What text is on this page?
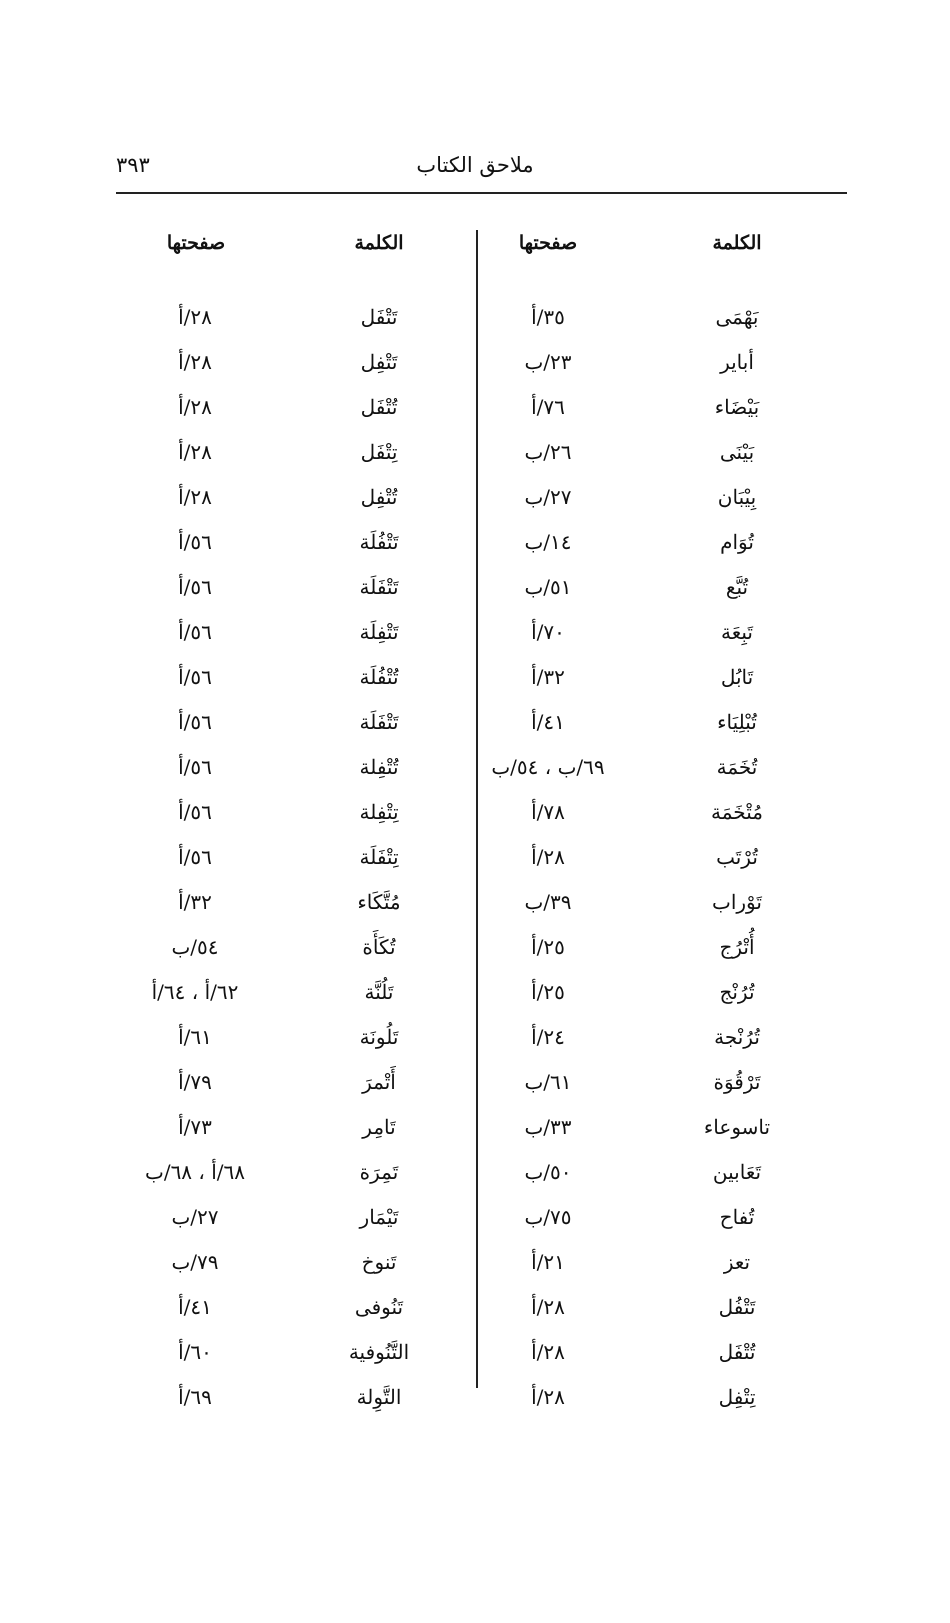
٣٩٣	ملاحق الكتاب
الكلمة
صفحتها
الكلمة
صفحتها
بَهْمَى
٣٥/أ
تَتْفَل
٢٨/أ
أباير
٢٣/ب
تَتْفِل
٢٨/أ
بَيْضَاء
٧٦/أ
تُتْفَل
٢٨/أ
بَيْنَى
٢٦/ب
تِتْفَل
٢٨/أ
بِيْبَان
٢٧/ب
تُتْفِل
٢٨/أ
تُوَام
١٤/ب
تَتْفُلَة
٥٦/أ
تُبَّع
٥١/ب
تَتْفَلَة
٥٦/أ
تَبِعَة
٧٠/أ
تَتْفِلَة
٥٦/أ
تَابُل
٣٢/أ
تُتْفُلَة
٥٦/أ
تُبْلِيَاء
٤١/أ
تَتْفَلَة
٥٦/أ
تُخَمَة
٦٩/ب ، ٥٤/ب
تُتْفِلة
٥٦/أ
مُتْخَمَة
٧٨/أ
تِتْفِلة
٥٦/أ
تُرْتَب
٢٨/أ
تِتْفَلَة
٥٦/أ
تَوْراب
٣٩/ب
مُتَّكَاء
٣٢/أ
أُتْرُج
٢٥/أ
تُكَأَة
٥٤/ب
تُرُنْج
٢٥/أ
تَلُنَّة
٦٢/أ ، ٦٤/أ
تُرُنْجة
٢٤/أ
تَلُونَة
٦١/أ
تَرْقُوَة
٦١/ب
أَتْمرَ
٧٩/أ
تاسوعاء
٣٣/ب
تَامِر
٧٣/أ
تَعَابين
٥٠/ب
تَمِرَة
٦٨/أ ، ٦٨/ب
تُفاح
٧٥/ب
تَيْمَار
٢٧/ب
تعز
٢١/أ
تَنوخ
٧٩/ب
تَتْفُل
٢٨/أ
تَنُوفى
٤١/أ
تُتْفَل
٢٨/أ
التَّنُوفية
٦٠/أ
تِتْفِل
٢٨/أ
التَّوِلة
٦٩/أ
